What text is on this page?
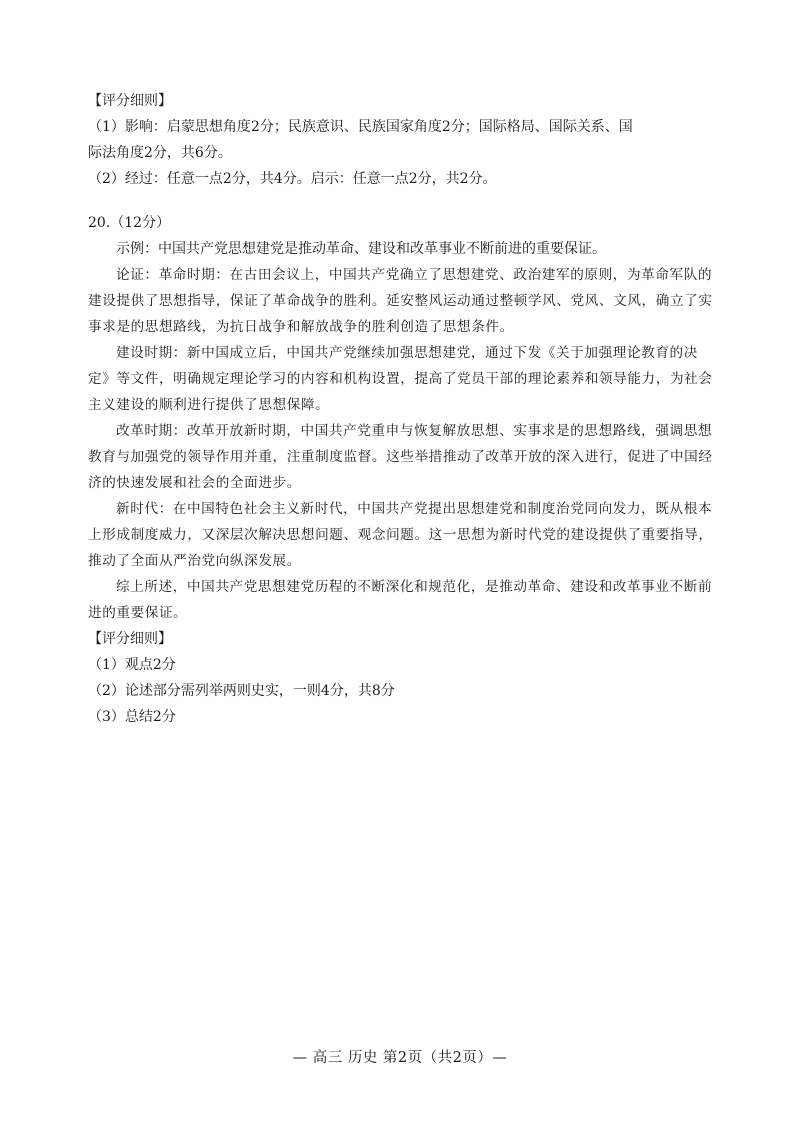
【评分细则】

（1）影响：启蒙思想角度2分；民族意识、民族国家角度2分；国际格局、国际关系、国

际法角度2分，共6分。

（2）经过：任意一点2分，共4分。启示：任意一点2分，共2分。

20.（12分）

示例：中国共产党思想建党是推动革命、建设和改革事业不断前进的重要保证。

论证：革命时期：在古田会议上，中国共产党确立了思想建党、政治建军的原则，为革命军队的建设提供了思想指导，保证了革命战争的胜利。延安整风运动通过整顿学风、党风、文风，确立了实事求是的思想路线，为抗日战争和解放战争的胜利创造了思想条件。

建设时期：新中国成立后，中国共产党继续加强思想建党，通过下发《关于加强理论教育的决定》等文件，明确规定理论学习的内容和机构设置，提高了党员干部的理论素养和领导能力，为社会主义建设的顺利进行提供了思想保障。

改革时期：改革开放新时期，中国共产党重申与恢复解放思想、实事求是的思想路线，强调思想教育与加强党的领导作用并重，注重制度监督。这些举措推动了改革开放的深入进行，促进了中国经济的快速发展和社会的全面进步。

新时代：在中国特色社会主义新时代，中国共产党提出思想建党和制度治党同向发力，既从根本上形成制度威力，又深层次解决思想问题、观念问题。这一思想为新时代党的建设提供了重要指导，推动了全面从严治党向纵深发展。

综上所述，中国共产党思想建党历程的不断深化和规范化，是推动革命、建设和改革事业不断前进的重要保证。

【评分细则】

（1）观点2分

（2）论述部分需列举两则史实，一则4分，共8分

（3）总结2分

— 高三 历史 第2页（共2页）—
